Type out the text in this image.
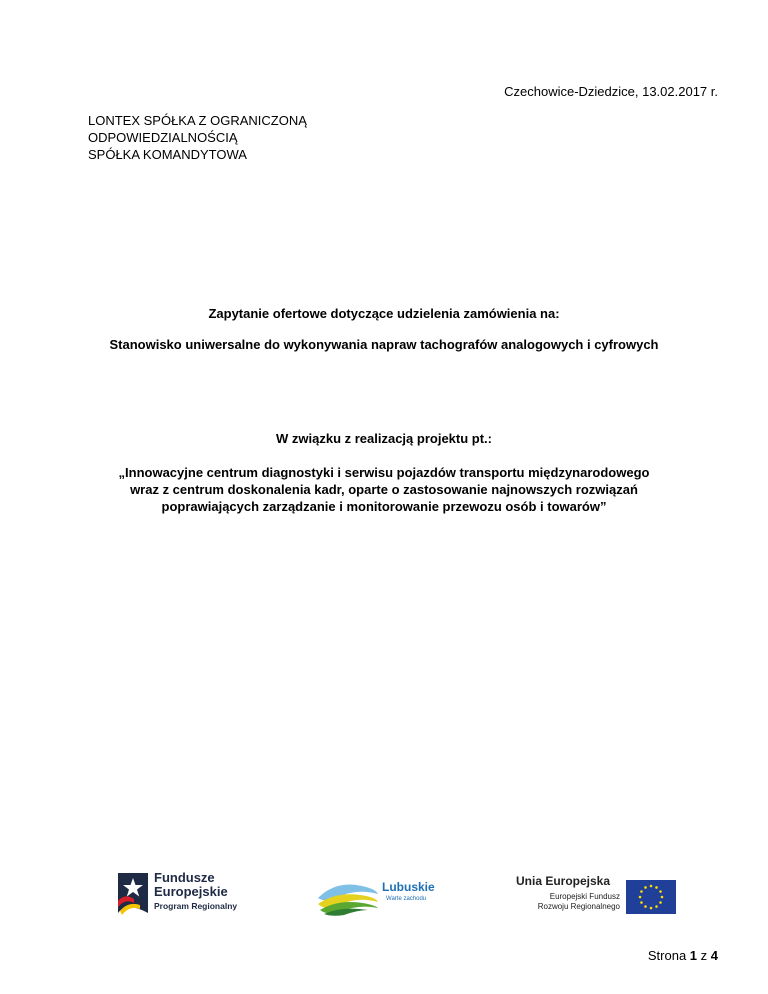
Czechowice-Dziedzice, 13.02.2017 r.
LONTEX SPÓŁKA Z OGRANICZONĄ
ODPOWIEDZIALNOŚCIĄ
SPÓŁKA KOMANDYTOWA
Zapytanie ofertowe dotyczące udzielenia zamówienia na:
Stanowisko uniwersalne do wykonywania napraw tachografów analogowych i cyfrowych
W związku z realizacją projektu pt.:
„Innowacyjne centrum diagnostyki i serwisu pojazdów transportu międzynarodowego
wraz z centrum doskonalenia kadr, oparte o zastosowanie najnowszych rozwiązań
poprawiających zarządzanie i monitorowanie przewozu osób i towarów”
Fundusze
Europejskie
Program Regionalny
Lubuskie
Warte zachodu
Unia Europejska
Europejski Fundusz
Rozwoju Regionalnego
Strona 1 z 4
